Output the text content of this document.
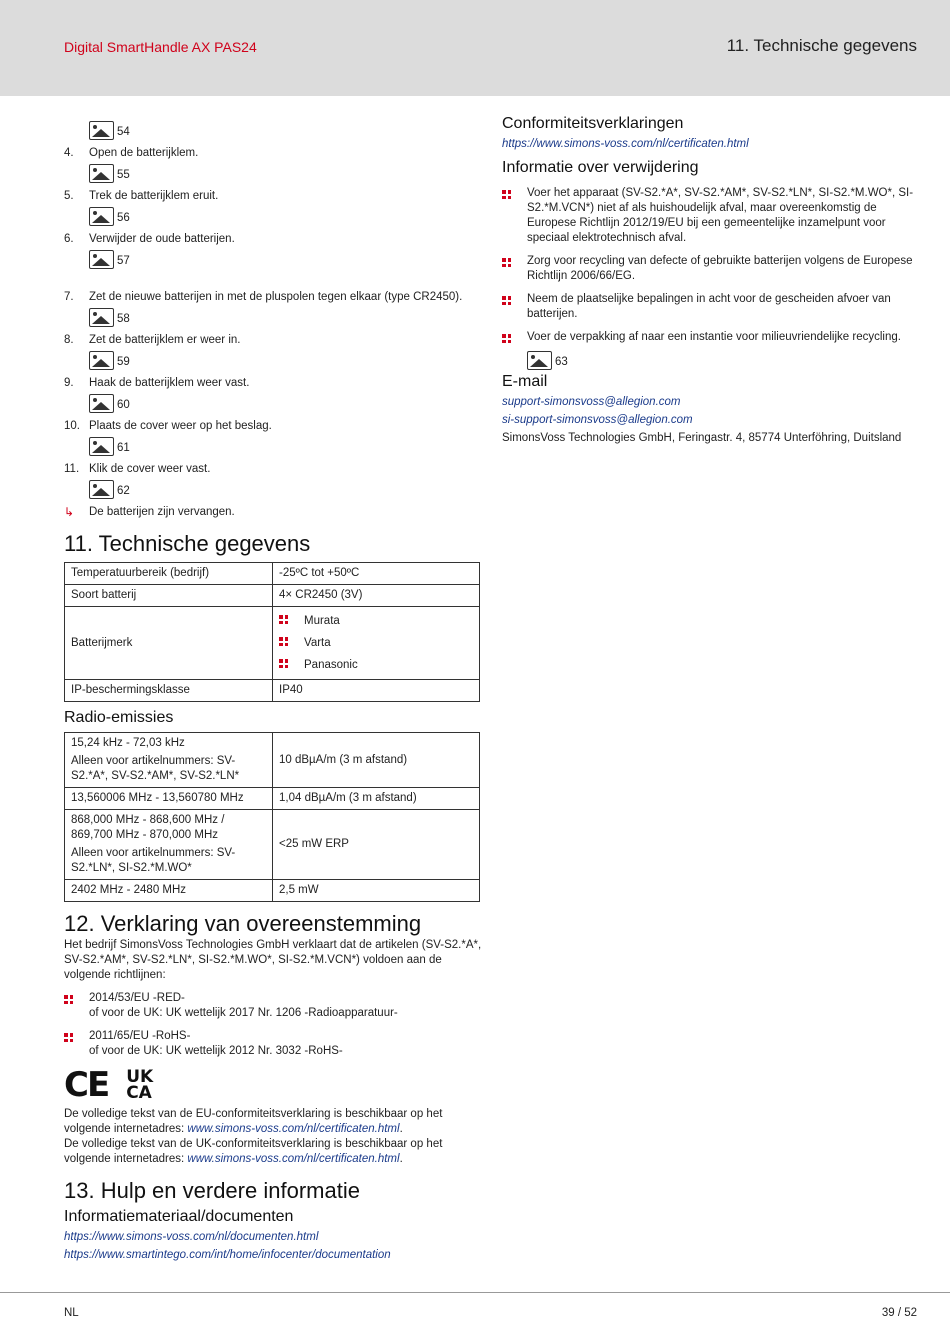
Digital SmartHandle AX PAS24	11. Technische gegevens
54
4.	Open de batterijklem.
55
5.	Trek de batterijklem eruit.
56
6.	Verwijder de oude batterijen.
57
7.	Zet de nieuwe batterijen in met de pluspolen tegen elkaar (type CR2450).
58
8.	Zet de batterijklem er weer in.
59
9.	Haak de batterijklem weer vast.
60
10. Plaats de cover weer op het beslag.
61
11. Klik de cover weer vast.
62
↳	De batterijen zijn vervangen.
11. Technische gegevens
Temperatuurbereik (bedrijf)	-25ºC tot +50ºC
Soort batterij	4× CR2450 (3V)
Batterijmerk	Murata
Varta
Panasonic

IP-beschermingsklasse	IP40
Radio-emissies
15,24 kHz - 72,03 kHz
Alleen voor artikelnummers: SV-S2.*A*, SV-S2.*AM*, SV-S2.*LN*	10 dBµA/m (3 m afstand)
13,560006 MHz - 13,560780 MHz	1,04 dBµA/m (3 m afstand)

868,000 MHz - 868,600 MHz / 869,700 MHz - 870,000 MHz
Alleen voor artikelnummers: SV-S2.*LN*, SI-S2.*M.WO*	<25 mW ERP
2402 MHz - 2480 MHz	2,5 mW
12. Verklaring van overeenstemming

Het bedrijf SimonsVoss Technologies GmbH verklaart dat de artikelen (SV-S2.*A*, SV-S2.*AM*, SV-S2.*LN*, SI-S2.*M.WO*, SI-S2.*M.VCN*) voldoen aan de volgende richtlijnen:

2014/53/EU -RED-
of voor de UK: UK wettelijk 2017 Nr. 1206 -Radioapparatuur-
2011/65/EU -RoHS-
of voor de UK: UK wettelijk 2012 Nr. 3032 -RoHS-
CE UK
CA

De volledige tekst van de EU-conformiteitsverklaring is beschikbaar op het volgende internetadres: www.simons-voss.com/nl/certificaten.html.

De volledige tekst van de UK-conformiteitsverklaring is beschikbaar op het volgende internetadres: www.simons-voss.com/nl/certificaten.html.

13. Hulp en verdere informatie
Informatiemateriaal/documenten
https://www.simons-voss.com/nl/documenten.html
https://www.smartintego.com/int/home/infocenter/documentation
Conformiteitsverklaringen
https://www.simons-voss.com/nl/certificaten.html
Informatie over verwijdering
Voer het apparaat (SV-S2.*A*, SV-S2.*AM*, SV-S2.*LN*, SI-S2.*M.WO*, SI-S2.*M.VCN*) niet af als huishoudelijk afval, maar overeenkomstig de Europese Richtlijn 2012/19/EU bij een gemeentelijke inzamelpunt voor speciaal elektrotechnisch afval.
Zorg voor recycling van defecte of gebruikte batterijen volgens de Europese Richtlijn 2006/66/EG.
Neem de plaatselijke bepalingen in acht voor de gescheiden afvoer van batterijen.
Voer de verpakking af naar een instantie voor milieuvriendelijke recycling.
63
E-mail
support-simonsvoss@allegion.com
si-support-simonsvoss@allegion.com

SimonsVoss Technologies GmbH, Feringastr. 4, 85774 Unterföhring, Duitsland

NL	39 / 52
